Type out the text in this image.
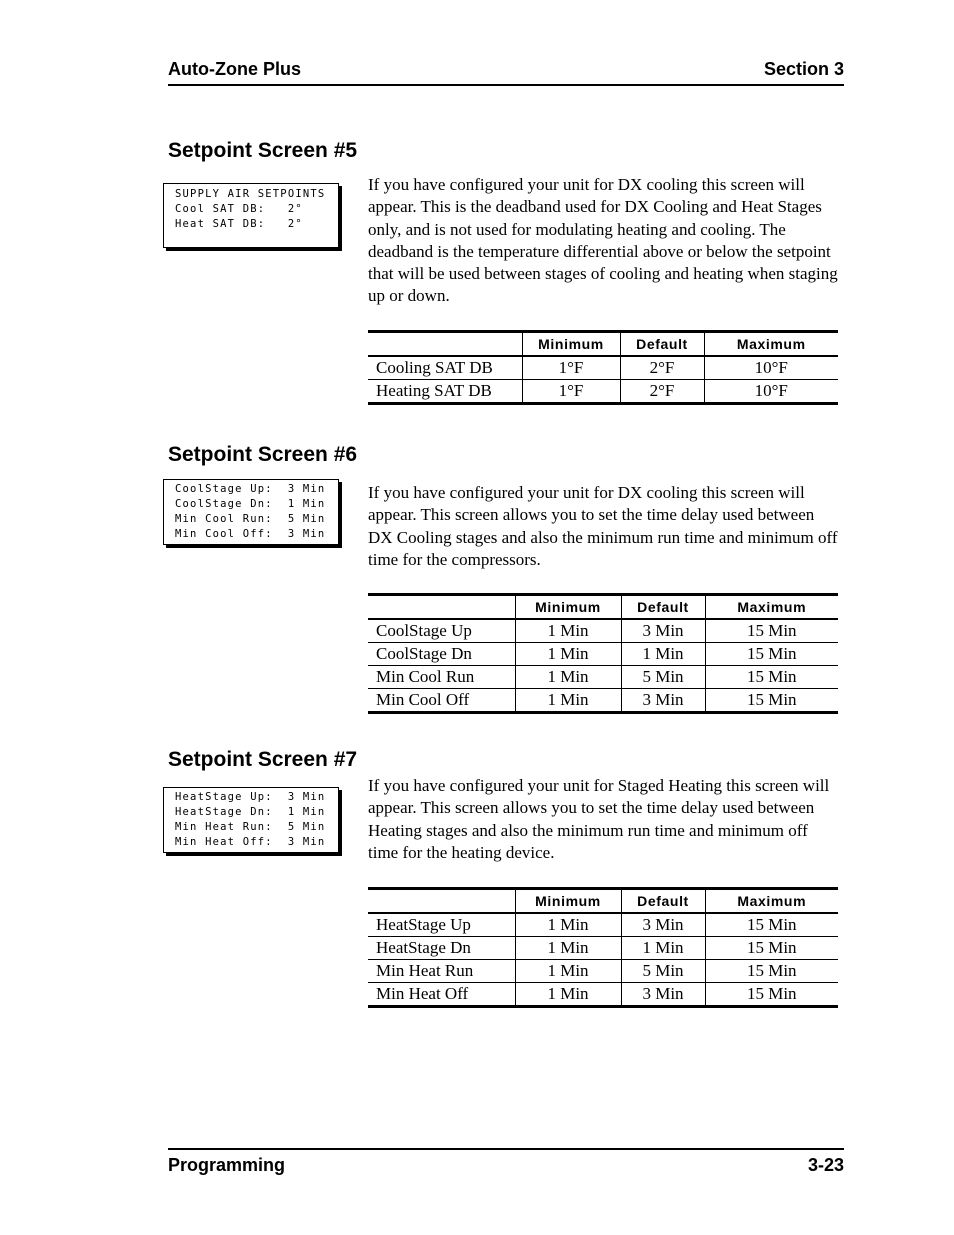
Auto-Zone Plus	Section 3
Setpoint Screen #5
SUPPLY AIR SETPOINTS
Cool SAT DB:   2°
Heat SAT DB:   2°
If you have configured your unit for DX cooling this screen will appear. This is the deadband used for DX Cooling and Heat Stages only, and is not used for modulating heating and cooling. The deadband is the temperature differential above or below the setpoint that will be used between stages of cooling and heating when staging up or down.
	Minimum	Default	Maximum
Cooling SAT DB	1°F	2°F	10°F
Heating SAT DB	1°F	2°F	10°F
Setpoint Screen #6
CoolStage Up:  3 Min
CoolStage Dn:  1 Min
Min Cool Run:  5 Min
Min Cool Off:  3 Min
If you have configured your unit for DX cooling this screen will appear. This screen allows you to set the time delay used between DX Cooling stages and also the minimum run time and minimum off time for the compressors.
	Minimum	Default	Maximum
CoolStage Up	1 Min	3 Min	15 Min
CoolStage Dn	1 Min	1 Min	15 Min
Min Cool Run	1 Min	5 Min	15 Min
Min Cool Off	1 Min	3 Min	15 Min
Setpoint Screen #7
HeatStage Up:  3 Min
HeatStage Dn:  1 Min
Min Heat Run:  5 Min
Min Heat Off:  3 Min
If you have configured your unit for Staged Heating this screen will appear. This screen allows you to set the time delay used between Heating stages and also the minimum run time and minimum off time for the heating device.
	Minimum	Default	Maximum
HeatStage Up	1 Min	3 Min	15 Min
HeatStage Dn	1 Min	1 Min	15 Min
Min Heat Run	1 Min	5 Min	15 Min
Min Heat Off	1 Min	3 Min	15 Min
Programming	3-23
